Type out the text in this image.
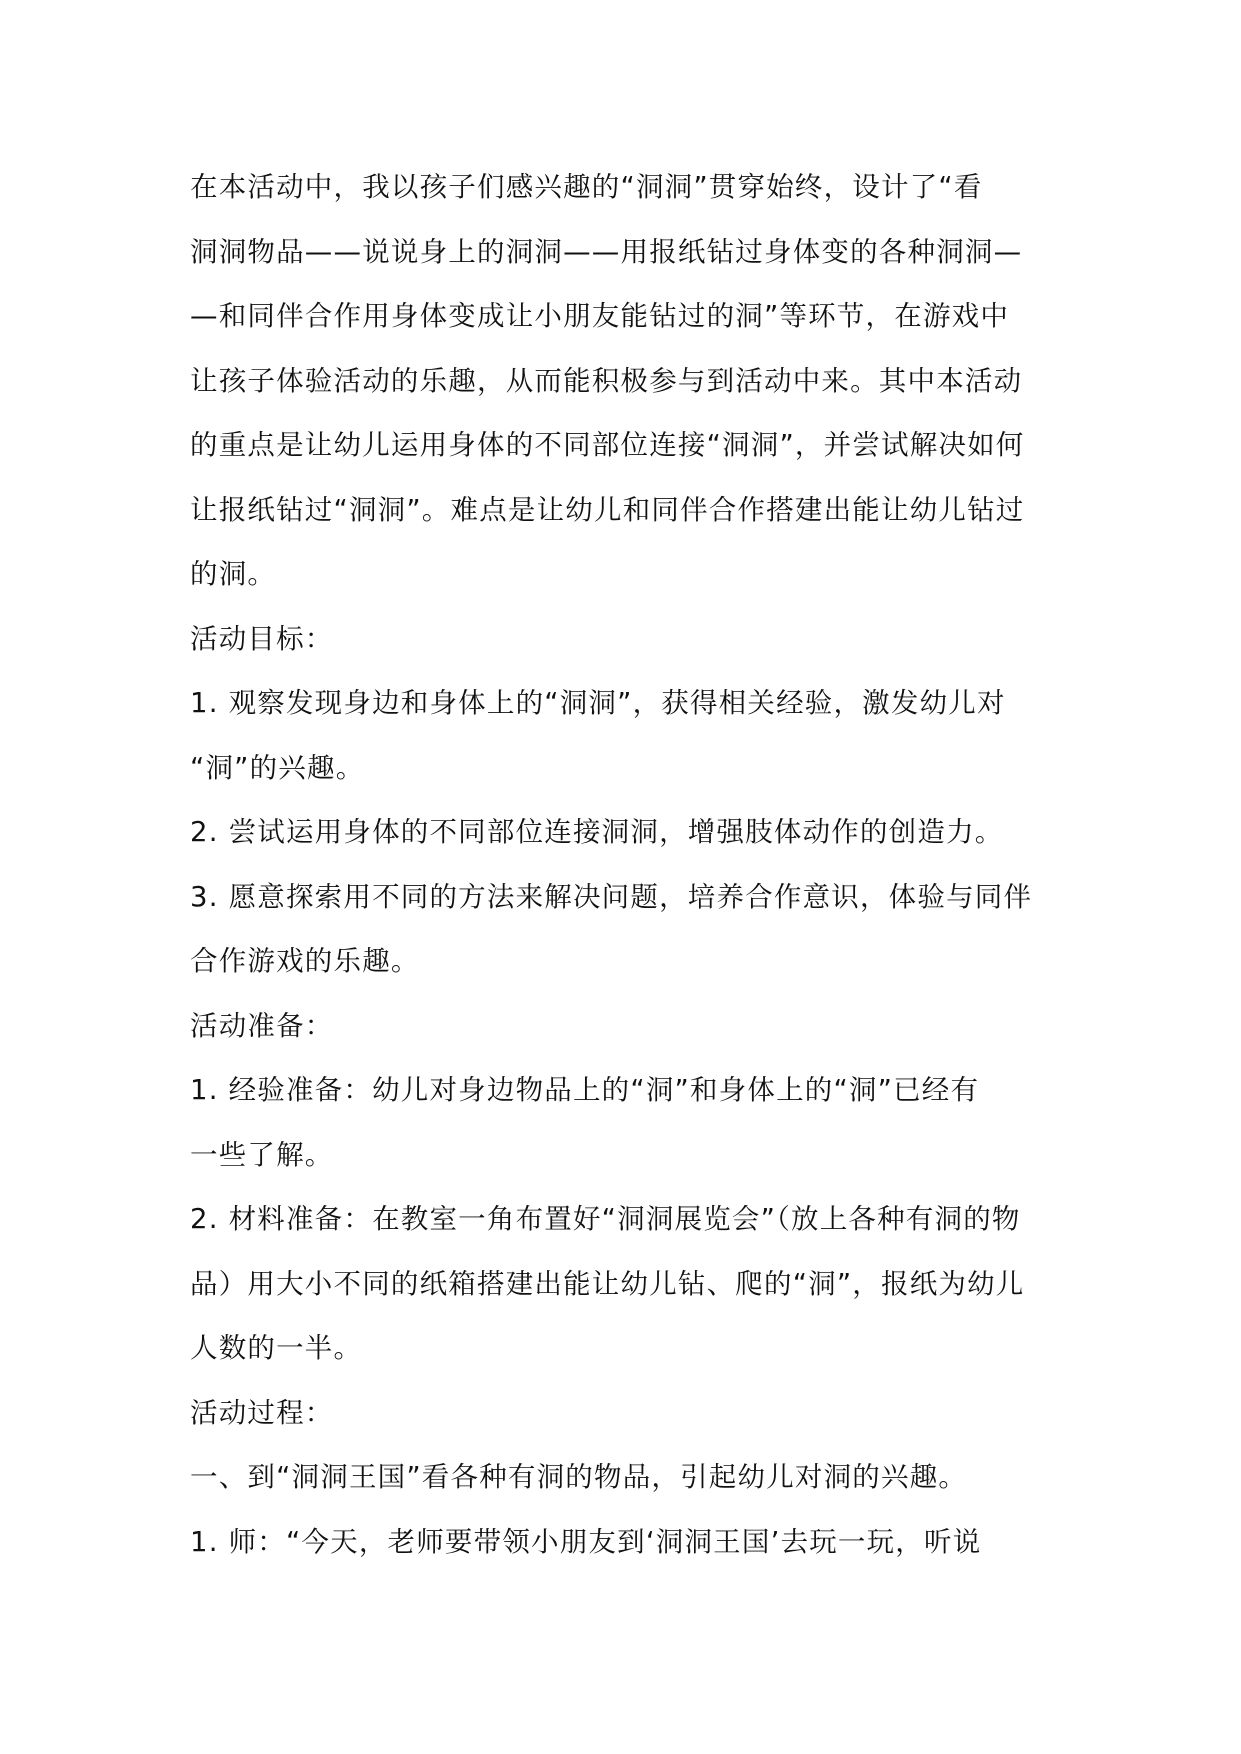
在本活动中，我以孩子们感兴趣的“洞洞”贯穿始终，设计了“看
洞洞物品——说说身上的洞洞——用报纸钻过身体变的各种洞洞—
—和同伴合作用身体变成让小朋友能钻过的洞”等环节，在游戏中
让孩子体验活动的乐趣，从而能积极参与到活动中来。其中本活动
的重点是让幼儿运用身体的不同部位连接“洞洞”，并尝试解决如何
让报纸钻过“洞洞”。难点是让幼儿和同伴合作搭建出能让幼儿钻过
的洞。
活动目标：
1. 观察发现身边和身体上的“洞洞”，获得相关经验，激发幼儿对
“洞”的兴趣。
2. 尝试运用身体的不同部位连接洞洞，增强肢体动作的创造力。
3. 愿意探索用不同的方法来解决问题，培养合作意识，体验与同伴
合作游戏的乐趣。
活动准备：
1. 经验准备：幼儿对身边物品上的“洞”和身体上的“洞”已经有
一些了解。
2. 材料准备：在教室一角布置好“洞洞展览会”（放上各种有洞的物
品）用大小不同的纸箱搭建出能让幼儿钻、爬的“洞”，报纸为幼儿
人数的一半。
活动过程：
一、到“洞洞王国”看各种有洞的物品，引起幼儿对洞的兴趣。
1. 师：“今天，老师要带领小朋友到‘洞洞王国’去玩一玩，听说
